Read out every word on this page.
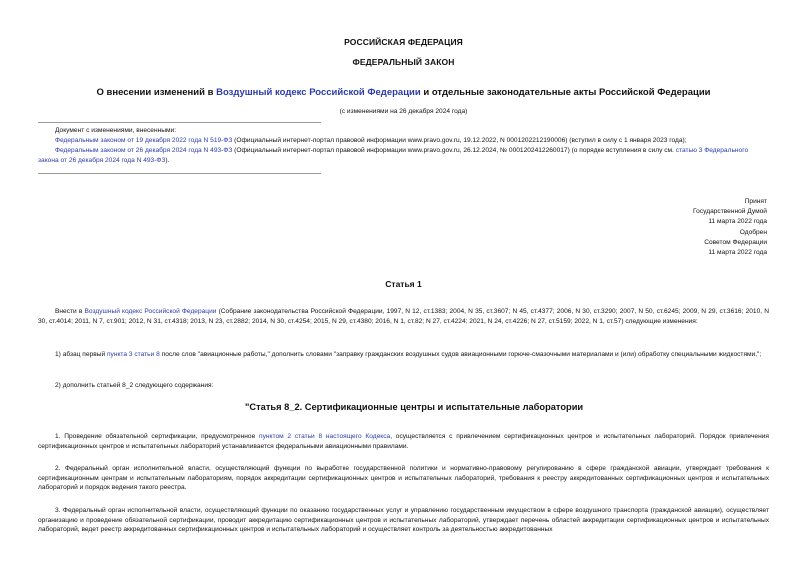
РОССИЙСКАЯ ФЕДЕРАЦИЯ
ФЕДЕРАЛЬНЫЙ ЗАКОН
О внесении изменений в Воздушный кодекс Российской Федерации и отдельные законодательные акты Российской Федерации
(с изменениями на 26 декабря 2024 года)
Документ с изменениями, внесенными:
Федеральным законом от 19 декабря 2022 года N 519-ФЗ (Официальный интернет-портал правовой информации www.pravo.gov.ru, 19.12.2022, N 0001202212190006) (вступил в силу с 1 января 2023 года);
Федеральным законом от 26 декабря 2024 года N 493-ФЗ (Официальный интернет-портал правовой информации www.pravo.gov.ru, 26.12.2024, № 0001202412260017) (о порядке вступления в силу см. статью 3 Федерального закона от 26 декабря 2024 года N 493-ФЗ).
Принят
Государственной Думой
11 марта 2022 года
Одобрен
Советом Федерации
11 марта 2022 года
Статья 1
Внести в Воздушный кодекс Российской Федерации (Собрание законодательства Российской Федерации, 1997, N 12, ст.1383; 2004, N 35, ст.3607; N 45, ст.4377; 2006, N 30, ст.3290; 2007, N 50, ст.6245; 2009, N 29, ст.3616; 2010, N 30, ст.4014; 2011, N 7, ст.901; 2012, N 31, ст.4318; 2013, N 23, ст.2882; 2014, N 30, ст.4254; 2015, N 29, ст.4380; 2016, N 1, ст.82; N 27, ст.4224; 2021, N 24, ст.4226; N 27, ст.5159; 2022, N 1, ст.57) следующие изменения:
1) абзац первый пункта 3 статьи 8 после слов "авиационные работы," дополнить словами "заправку гражданских воздушных судов авиационными горюче-смазочными материалами и (или) обработку специальными жидкостями,";
2) дополнить статьей 8_2 следующего содержания:
"Статья 8_2. Сертификационные центры и испытательные лаборатории
1. Проведение обязательной сертификации, предусмотренное пунктом 2 статьи 8 настоящего Кодекса, осуществляется с привлечением сертификационных центров и испытательных лабораторий. Порядок привлечения сертификационных центров и испытательных лабораторий устанавливается федеральными авиационными правилами.
2. Федеральный орган исполнительной власти, осуществляющий функции по выработке государственной политики и нормативно-правовому регулированию в сфере гражданской авиации, утверждает требования к сертификационным центрам и испытательным лабораториям, порядок аккредитации сертификационных центров и испытательных лабораторий, требования к реестру аккредитованных сертификационных центров и испытательных лабораторий и порядок ведения такого реестра.
3. Федеральный орган исполнительной власти, осуществляющий функции по оказанию государственных услуг и управлению государственным имуществом в сфере воздушного транспорта (гражданской авиации), осуществляет организацию и проведение обязательной сертификации, проводит аккредитацию сертификационных центров и испытательных лабораторий, утверждает перечень областей аккредитации сертификационных центров и испытательных лабораторий, ведет реестр аккредитованных сертификационных центров и испытательных лабораторий и осуществляет контроль за деятельностью аккредитованных
